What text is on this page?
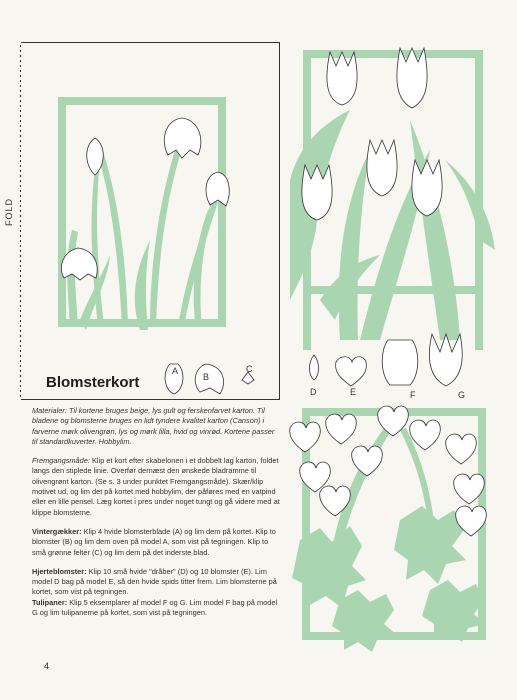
FOLD
Blomsterkort
A
B
C
D	E	F	G

Materialer: Til kortene bruges beige, lys gult og ferskenfarvet karton. Til bladene og blomsterne bruges en lidt tyndere kvalitet karton (Canson) i farverne mørk olivengrøn, lys og mørk lilla, hvid og vinrød. Kortene passer til standardkuverter. Hobbylim.

Fremgangsmåde: Klip et kort efter skabelonen i et dobbelt lag karton, foldet langs den stiplede linie. Overfør dernæst den ønskede bladramme til olivengrønt karton. (Se s. 3 under punktet Fremgangsmåde). Skær/klip motivet ud, og lim det på kortet med hobbylim, der påføres med en vatpind eller en lille pensel. Læg kortet i pres under noget tungt og gå videre med at klippe blomsterne.

Vintergækker: Klip 4 hvide blomsterblade (A) og lim dem på kortet. Klip to blomster (B) og lim dem oven på model A, som vist på tegningen. Klip to små grønne felter (C) og lim dem på det inderste blad.

Hjerteblomster: Klip 10 små hvide "dråber" (D) og 10 blomster (E). Lim model D bag på model E, så den hvide spids titter frem. Lim blomsterne på kortet, som vist på tegningen.

Tulipaner: Klip 5 eksemplarer af model F og G. Lim model F bag på model G og lim tulipanerne på kortet, som vist på tegningen.

4
